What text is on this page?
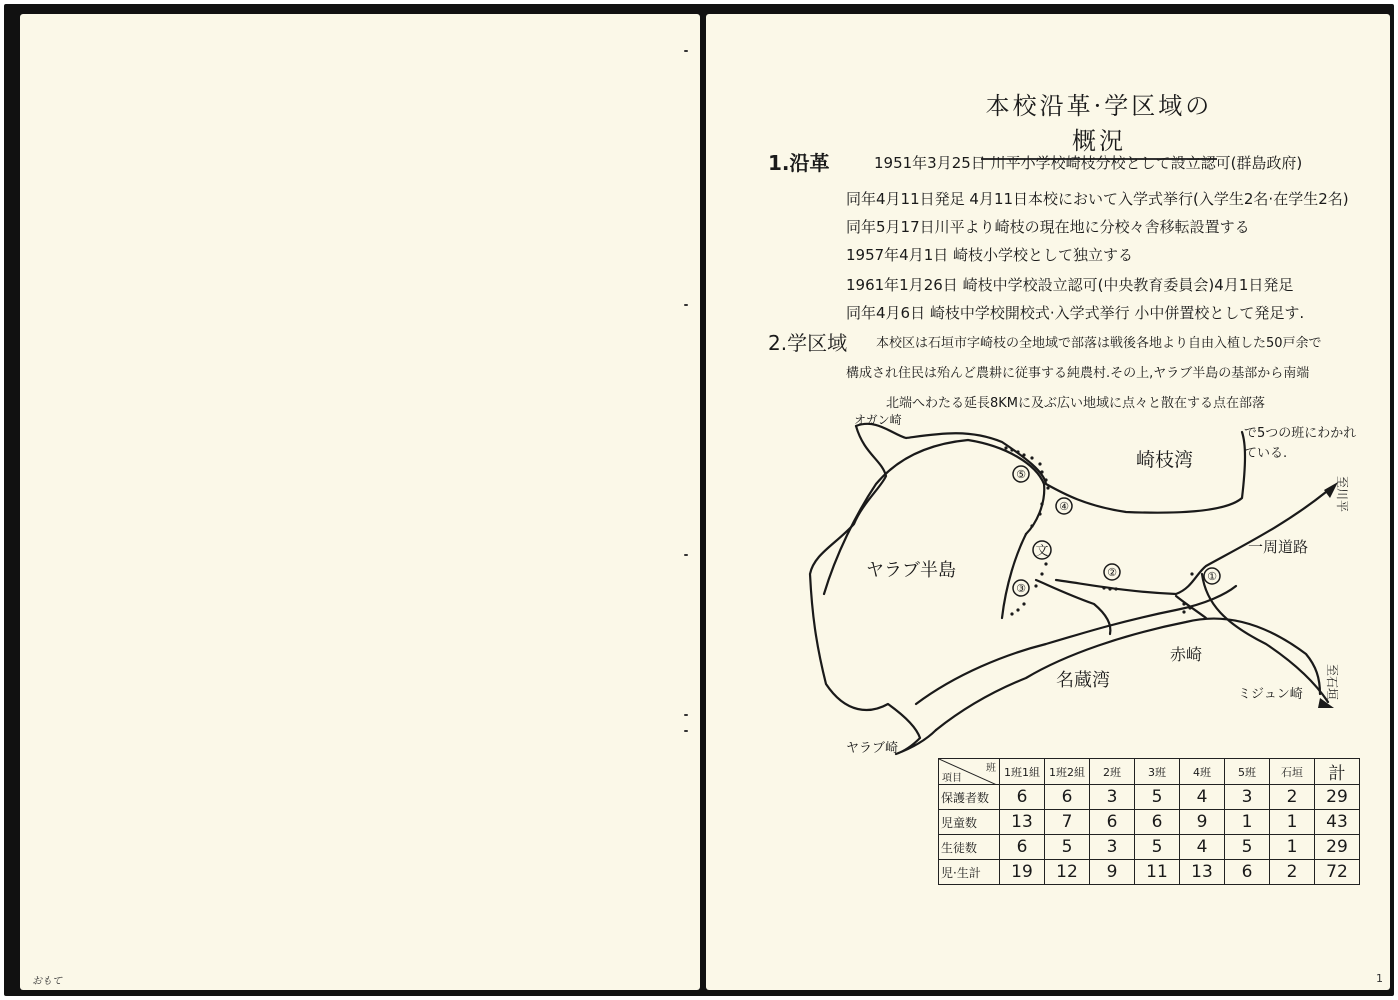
おもて
本校沿革·学区域の概況
1.沿革	1951年3月25日 川平小学校崎枝分校として設立認可(群島政府)
同年4月11日発足 4月11日本校において入学式挙行(入学生2名·在学生2名)
同年5月17日川平より崎枝の現在地に分校々舎移転設置する
1957年4月1日 崎枝小学校として独立する
1961年1月26日 崎枝中学校設立認可(中央教育委員会)4月1日発足
同年4月6日 崎枝中学校開校式·入学式挙行 小中併置校として発足す.
2.学区域 本校区は石垣市字崎枝の全地域で部落は戦後各地より自由入植した50戸余で
構成され住民は殆んど農耕に従事する純農村.その上,ヤラブ半島の基部から南端
北端へわたる延長8KMに及ぶ広い地域に点々と散在する点在部落
で5つの班にわかれ
ている.
⑤
④
文
③
②	①
ヤラブ半島
崎枝湾
名蔵湾
オガン崎
ヤラブ崎
赤崎
ミジュン崎
一周道路
至川平
至石垣
班
項目	1班1組	1班2組	2班	3班	4班	5班	石垣	計
保護者数	6	6	3	5	4	3	2	29
児童数	13	7	6	6	9	1	1	43
生徒数	6	5	3	5	4	5	1	29
児·生計	19	12	9	11	13	6	2	72
1
